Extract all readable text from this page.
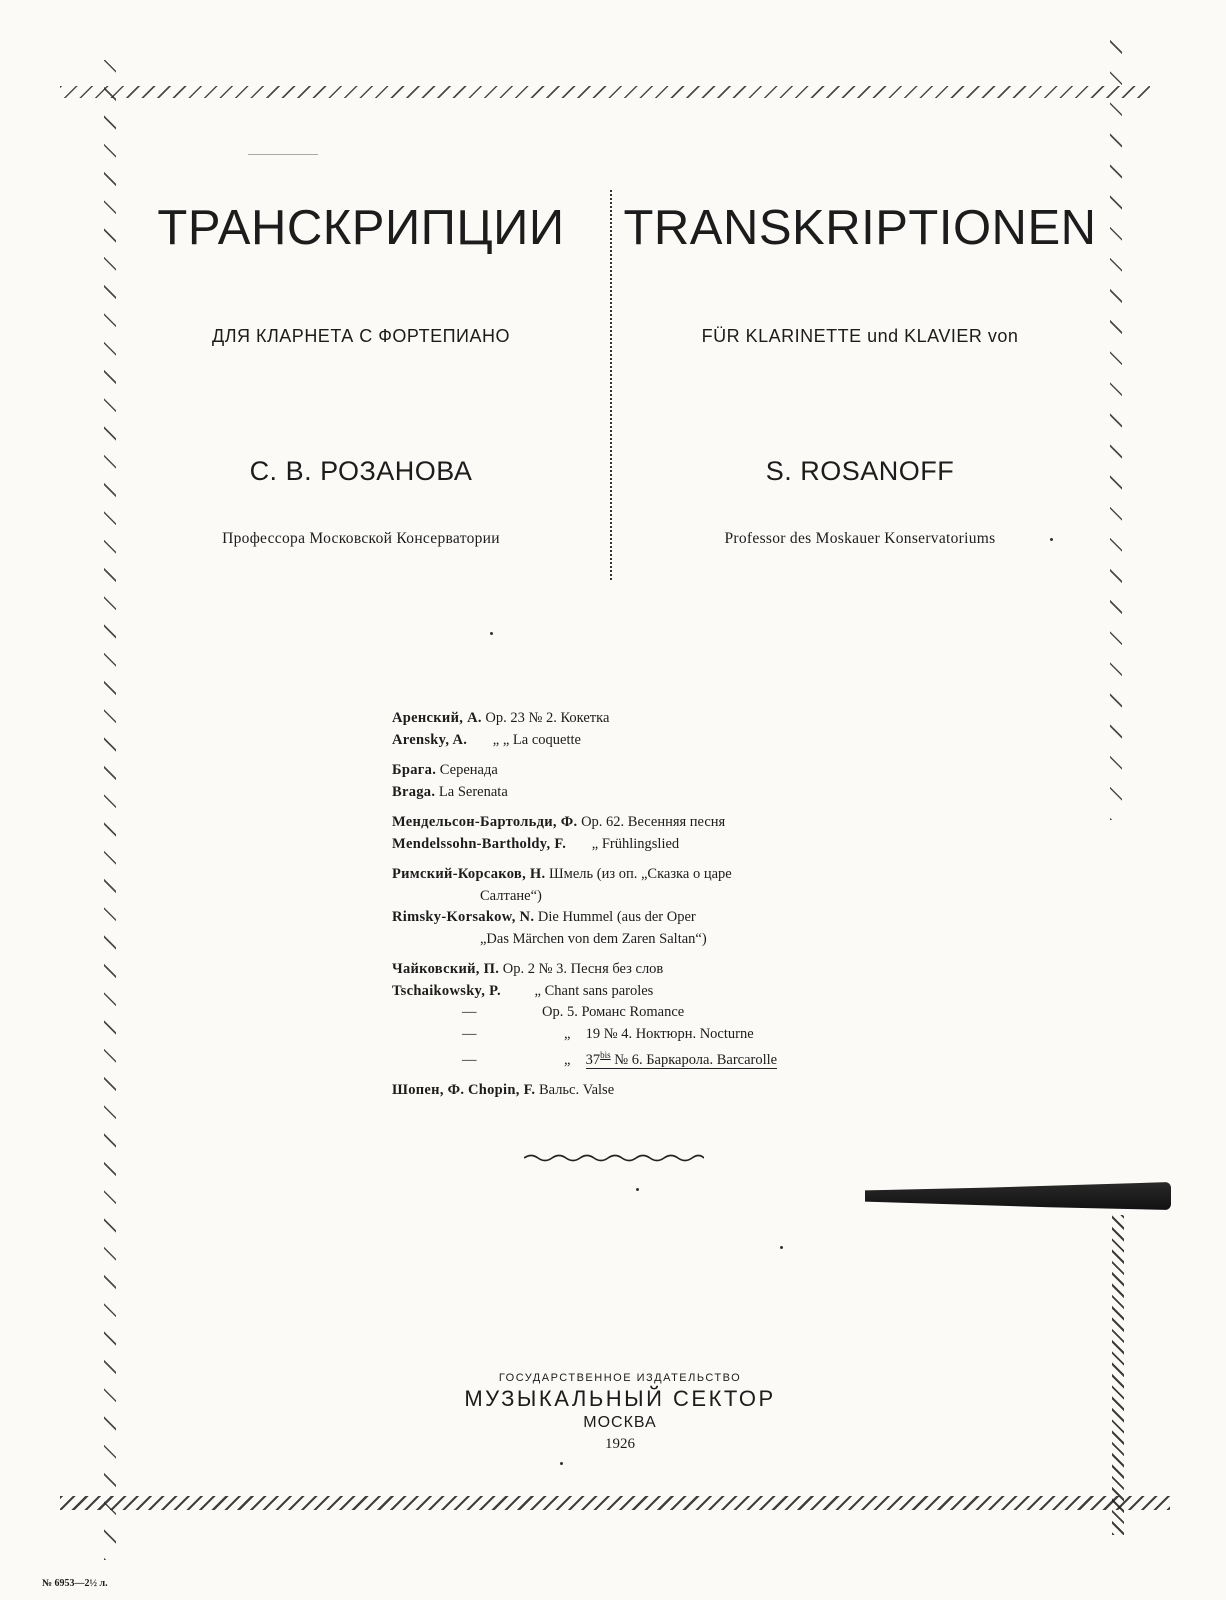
ТРАНСКРИПЦИИ
ДЛЯ КЛАРНЕТА С ФОРТЕПИАНО
С. В. РОЗАНОВА
Профессора Московской Консерватории
TRANSKRIPTIONEN
FÜR KLARINETTE und KLAVIER von
S. ROSANOFF
Professor des Moskauer Konservatoriums
Аренский, А. Ор. 23 № 2. Кокетка
Arensky, A. „ „ La coquette
Брага. Серенада
Braga. La Serenata
Мендельсон-Бартольди, Ф. Ор. 62. Весенняя песня
Mendelssohn-Bartholdy, F. „ Frühlingslied
Римский-Корсаков, Н. Шмель (из оп. „Сказка о царе
Салтане“)
Rimsky-Korsakow, N. Die Hummel (aus der Oper
„Das Märchen von dem Zaren Saltan“)
Чайковский, П. Ор. 2 № 3. Песня без слов
Tschaikowsky, P. „ Chant sans paroles
—	Op. 5. Романс Romance
—	„ 19 № 4. Ноктюрн. Nocturne
—	„ $37^{bis}$ № 6. Баркарола. Barcarolle
Шопен, Ф. Chopin, F. Вальс. Valse
ГОСУДАРСТВЕННОЕ ИЗДАТЕЛЬСТВО
МУЗЫКАЛЬНЫЙ СЕКТОР
МОСКВА
1926
№ 6953—2½ л.
